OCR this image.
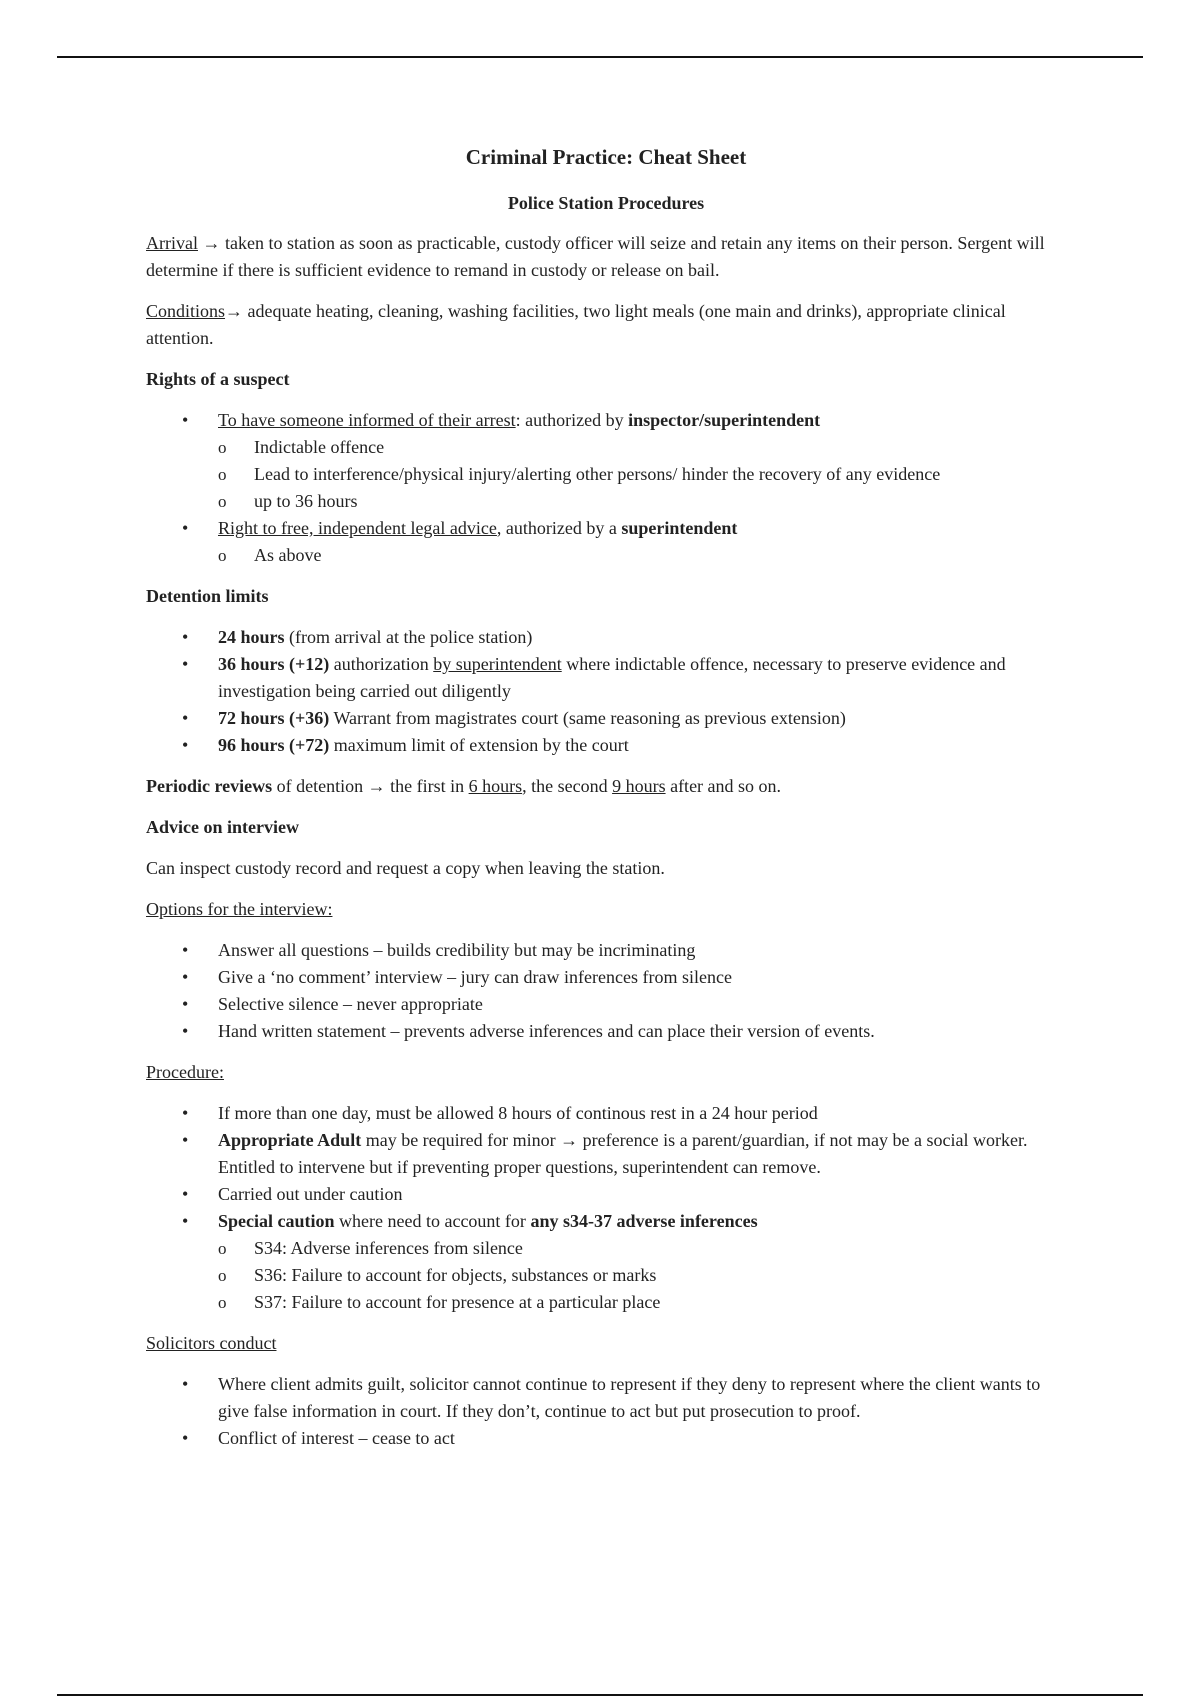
Criminal Practice: Cheat Sheet
Police Station Procedures

Arrival → taken to station as soon as practicable, custody officer will seize and retain any items on their person. Sergent will determine if there is sufficient evidence to remand in custody or release on bail.

Conditions→ adequate heating, cleaning, washing facilities, two light meals (one main and drinks), appropriate clinical attention.

Rights of a suspect
• To have someone informed of their arrest: authorized by inspector/superintendent
o Indictable offence
o Lead to interference/physical injury/alerting other persons/ hinder the recovery of any evidence
o up to 36 hours
• Right to free, independent legal advice, authorized by a superintendent
o As above
Detention limits
• 24 hours (from arrival at the police station)
• 36 hours (+12) authorization by superintendent where indictable offence, necessary to preserve evidence and investigation being carried out diligently
• 72 hours (+36) Warrant from magistrates court (same reasoning as previous extension)
• 96 hours (+72) maximum limit of extension by the court

Periodic reviews of detention → the first in 6 hours, the second 9 hours after and so on.

Advice on interview

Can inspect custody record and request a copy when leaving the station.

Options for the interview:

• Answer all questions – builds credibility but may be incriminating
• Give a ‘no comment’ interview – jury can draw inferences from silence
• Selective silence – never appropriate
• Hand written statement – prevents adverse inferences and can place their version of events.

Procedure:

• If more than one day, must be allowed 8 hours of continous rest in a 24 hour period
• Appropriate Adult may be required for minor → preference is a parent/guardian, if not may be a social worker. Entitled to intervene but if preventing proper questions, superintendent can remove.
• Carried out under caution
• Special caution where need to account for any s34-37 adverse inferences
o S34: Adverse inferences from silence
o S36: Failure to account for objects, substances or marks
o S37: Failure to account for presence at a particular place

Solicitors conduct

• Where client admits guilt, solicitor cannot continue to represent if they deny to represent where the client wants to give false information in court. If they don’t, continue to act but put prosecution to proof.
• Conflict of interest – cease to act
